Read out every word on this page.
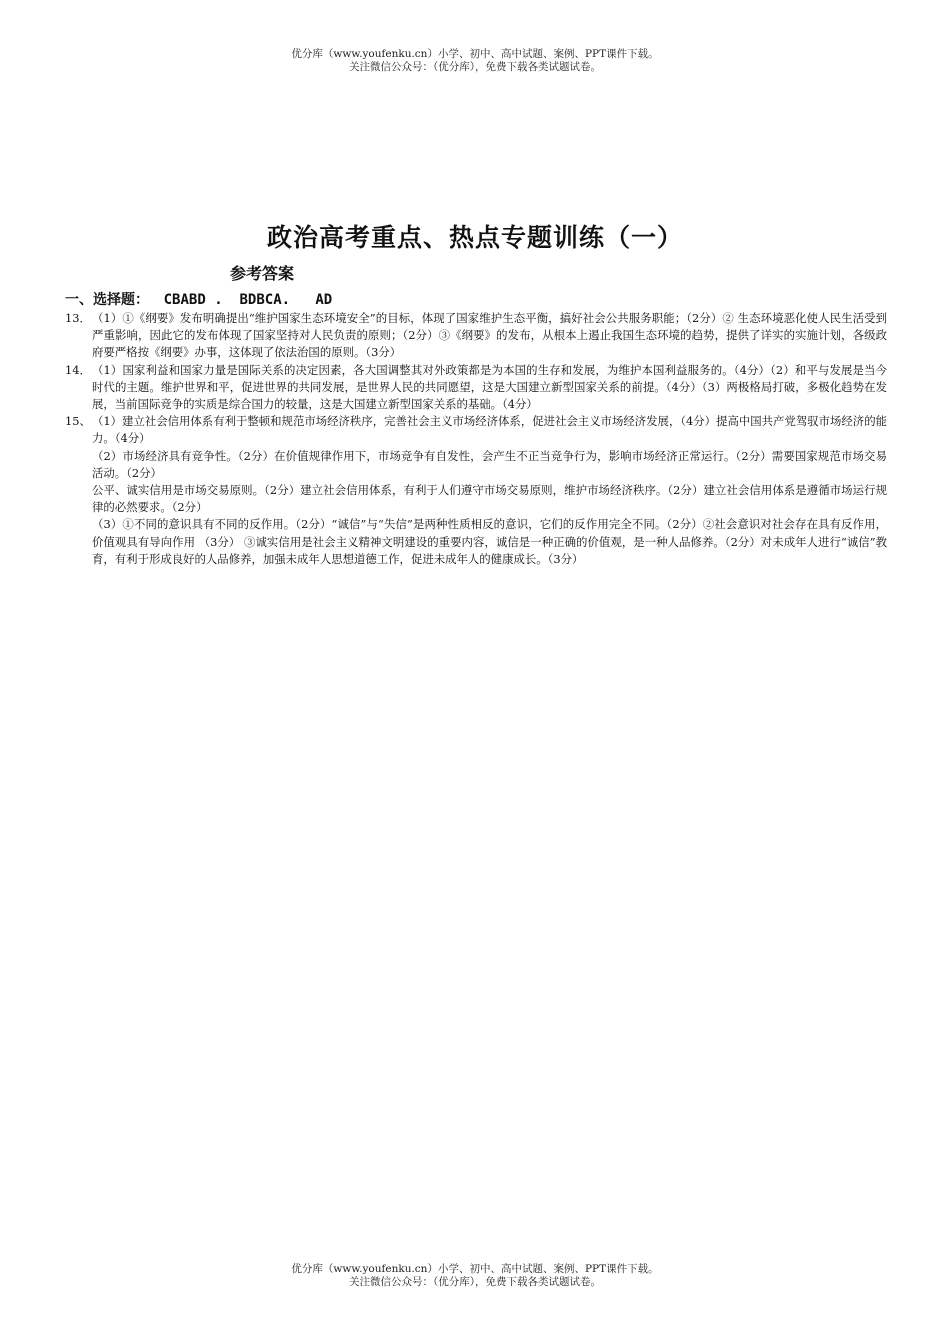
优分库（www.youfenku.cn）小学、初中、高中试题、案例、PPT课件下载。
关注微信公众号：（优分库），免费下载各类试题试卷。
政治高考重点、热点专题训练（一）
参考答案
一、选择题： CBABD .  BDBCA.   AD
13． （1）①《纲要》发布明确提出“维护国家生态环境安全”的目标，体现了国家维护生态平衡，搞好社会公共服务职能；（2分）② 生态环境恶化使人民生活受到严重影响，因此它的发布体现了国家坚持对人民负责的原则；（2分）③《纲要》的发布，从根本上遏止我国生态环境的趋势，提供了详实的实施计划，各级政府要严格按《纲要》办事，这体现了依法治国的原则。（3分）
14． （1）国家利益和国家力量是国际关系的决定因素，各大国调整其对外政策都是为本国的生存和发展，为维护本国利益服务的。（4分）（2）和平与发展是当今时代的主题。维护世界和平，促进世界的共同发展，是世界人民的共同愿望，这是大国建立新型国家关系的前提。（4分）（3）两极格局打破，多极化趋势在发展，当前国际竞争的实质是综合国力的较量，这是大国建立新型国家关系的基础。（4分）
15、 （1）建立社会信用体系有利于整顿和规范市场经济秩序，完善社会主义市场经济体系，促进社会主义市场经济发展，（4分）提高中国共产党驾驭市场经济的能力。（4分）
（2）市场经济具有竞争性。（2分）在价值规律作用下，市场竞争有自发性，会产生不正当竞争行为，影响市场经济正常运行。（2分）需要国家规范市场交易活动。（2分）
公平、诚实信用是市场交易原则。（2分）建立社会信用体系，有利于人们遵守市场交易原则，维护市场经济秩序。（2分）建立社会信用体系是遵循市场运行规律的必然要求。（2分）
（3）①不同的意识具有不同的反作用。（2分）“诚信”与“失信”是两种性质相反的意识，它们的反作用完全不同。（2分）②社会意识对社会存在具有反作用，价值观具有导向作用 （3分） ③诚实信用是社会主义精神文明建设的重要内容，诚信是一种正确的价值观，是一种人品修养。（2分）对未成年人进行“诚信”教育，有利于形成良好的人品修养，加强未成年人思想道德工作，促进未成年人的健康成长。（3分）
优分库（www.youfenku.cn）小学、初中、高中试题、案例、PPT课件下载。
关注微信公众号：（优分库），免费下载各类试题试卷。
